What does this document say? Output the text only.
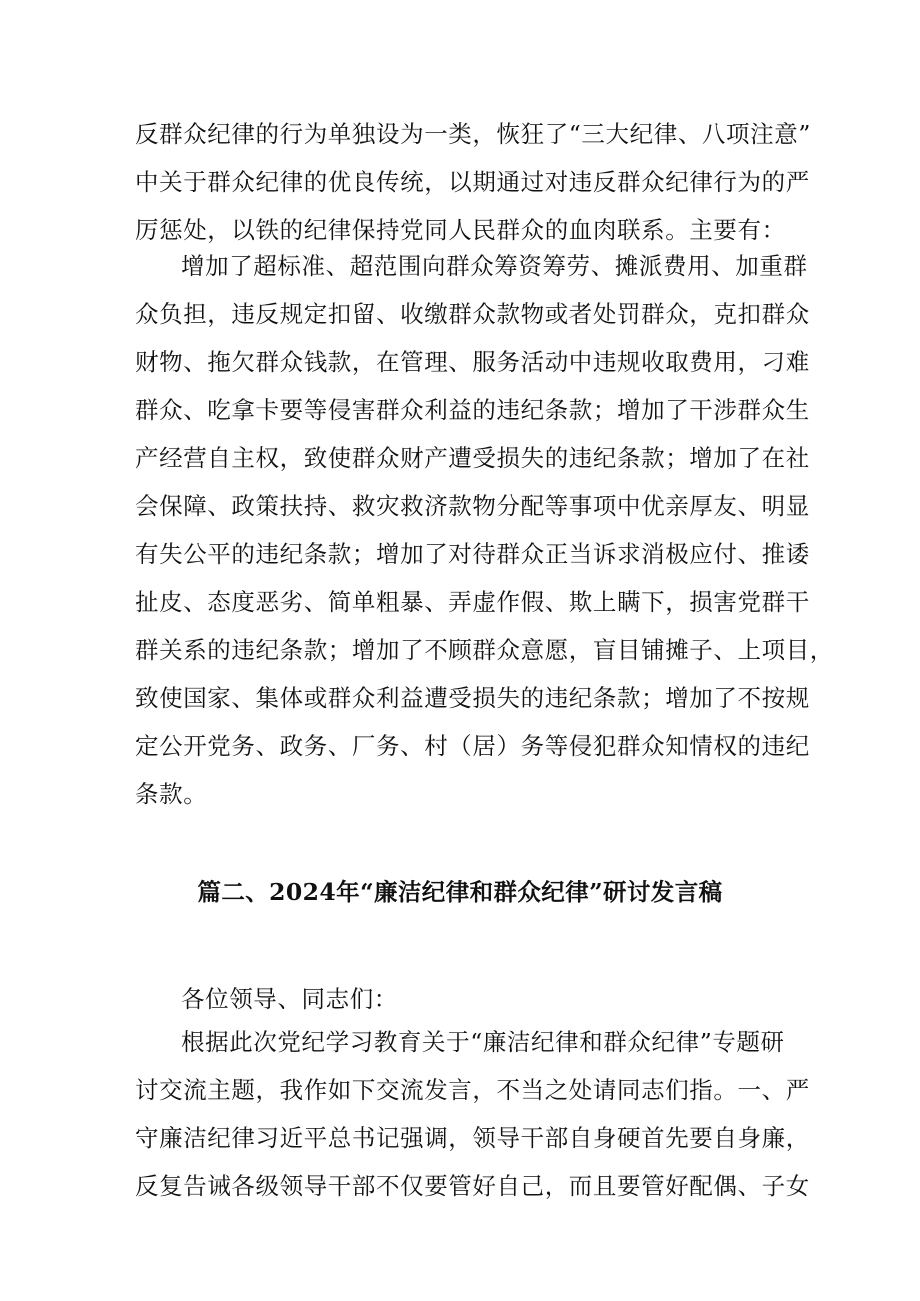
反群众纪律的行为单独设为一类，恢狂了“三大纪律、八项注意”
中关于群众纪律的优良传统，以期通过对违反群众纪律行为的严
厉惩处，以铁的纪律保持党同人民群众的血肉联系。主要有：
增加了超标准、超范围向群众筹资筹劳、摊派费用、加重群
众负担，违反规定扣留、收缴群众款物或者处罚群众，克扣群众
财物、拖欠群众钱款，在管理、服务活动中违规收取费用，刁难
群众、吃拿卡要等侵害群众利益的违纪条款；增加了干涉群众生
产经营自主权，致使群众财产遭受损失的违纪条款；增加了在社
会保障、政策扶持、救灾救济款物分配等事项中优亲厚友、明显
有失公平的违纪条款；增加了对待群众正当诉求消极应付、推诿
扯皮、态度恶劣、简单粗暴、弄虚作假、欺上瞒下，损害党群干
群关系的违纪条款；增加了不顾群众意愿，盲目铺摊子、上项目，
致使国家、集体或群众利益遭受损失的违纪条款；增加了不按规
定公开党务、政务、厂务、村（居）务等侵犯群众知情权的违纪
条款。
篇二、2024年“廉洁纪律和群众纪律”研讨发言稿
各位领导、同志们：
根据此次党纪学习教育关于“廉洁纪律和群众纪律”专题研
讨交流主题，我作如下交流发言，不当之处请同志们指。一、严
守廉洁纪律习近平总书记强调，领导干部自身硬首先要自身廉，
反复告诫各级领导干部不仅要管好自己，而且要管好配偶、子女
